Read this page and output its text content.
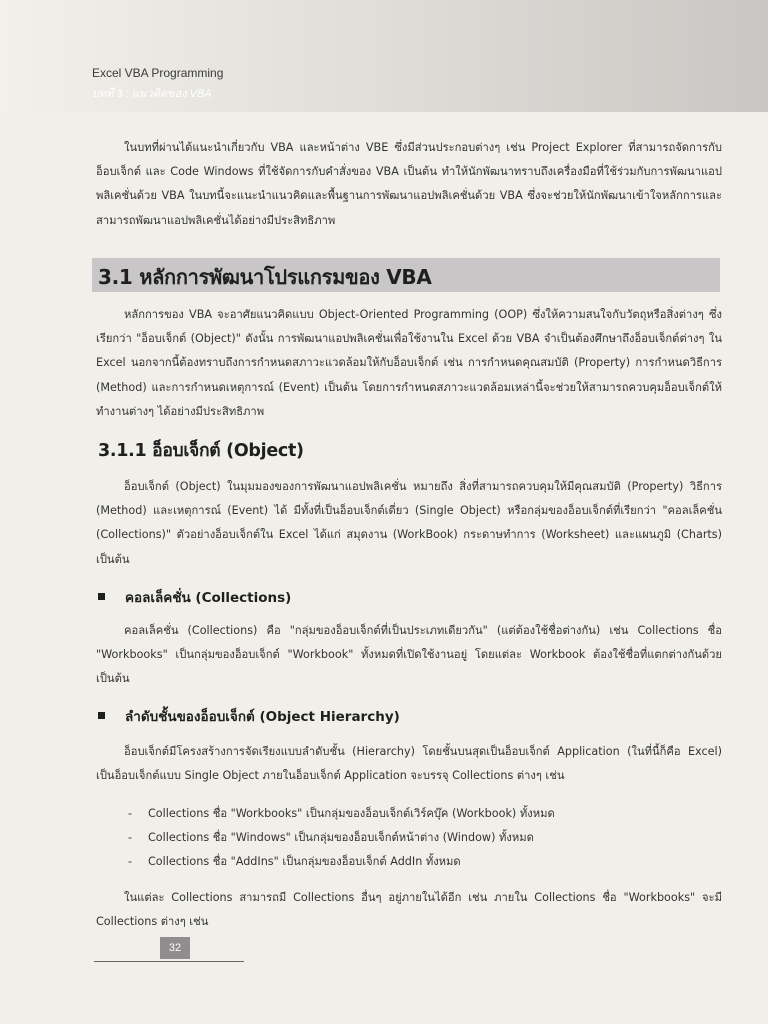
Excel VBA Programming
บทที่ 3 : แนวคิดของ VBA
ในบทที่ผ่านได้แนะนำเกี่ยวกับ VBA และหน้าต่าง VBE ซึ่งมีส่วนประกอบต่างๆ เช่น Project Explorer ที่สามารถจัดการกับอ็อบเจ็กต์ และ Code Windows ที่ใช้จัดการกับคำสั่งของ VBA เป็นต้น ทำให้นักพัฒนาทราบถึงเครื่องมือที่ใช้ร่วมกับการพัฒนาแอปพลิเคชั่นด้วย VBA ในบทนี้จะแนะนำแนวคิดและพื้นฐานการพัฒนาแอปพลิเคชั่นด้วย VBA ซึ่งจะช่วยให้นักพัฒนาเข้าใจหลักการและสามารถพัฒนาแอปพลิเคชั่นได้อย่างมีประสิทธิภาพ
3.1 หลักการพัฒนาโปรแกรมของ VBA
หลักการของ VBA จะอาศัยแนวคิดแบบ Object-Oriented Programming (OOP) ซึ่งให้ความสนใจกับวัตถุหรือสิ่งต่างๆ ซึ่งเรียกว่า "อ็อบเจ็กต์ (Object)" ดังนั้น การพัฒนาแอปพลิเคชั่นเพื่อใช้งานใน Excel ด้วย VBA จำเป็นต้องศึกษาถึงอ็อบเจ็กต์ต่างๆ ใน Excel นอกจากนี้ต้องทราบถึงการกำหนดสภาวะแวดล้อมให้กับอ็อบเจ็กต์ เช่น การกำหนดคุณสมบัติ (Property) การกำหนดวิธีการ (Method) และการกำหนดเหตุการณ์ (Event) เป็นต้น โดยการกำหนดสภาวะแวดล้อมเหล่านี้จะช่วยให้สามารถควบคุมอ็อบเจ็กต์ให้ทำงานต่างๆ ได้อย่างมีประสิทธิภาพ
3.1.1 อ็อบเจ็กต์ (Object)
อ็อบเจ็กต์ (Object) ในมุมมองของการพัฒนาแอปพลิเคชั่น หมายถึง สิ่งที่สามารถควบคุมให้มีคุณสมบัติ (Property) วิธีการ (Method) และเหตุการณ์ (Event) ได้ มีทั้งที่เป็นอ็อบเจ็กต์เดี่ยว (Single Object) หรือกลุ่มของอ็อบเจ็กต์ที่เรียกว่า "คอลเล็คชั่น (Collections)" ตัวอย่างอ็อบเจ็กต์ใน Excel ได้แก่ สมุดงาน (WorkBook) กระดาษทำการ (Worksheet) และแผนภูมิ (Charts) เป็นต้น
คอลเล็คชั่น (Collections)
คอลเล็คชั่น (Collections) คือ "กลุ่มของอ็อบเจ็กต์ที่เป็นประเภทเดียวกัน" (แต่ต้องใช้ชื่อต่างกัน) เช่น Collections ชื่อ "Workbooks" เป็นกลุ่มของอ็อบเจ็กต์ "Workbook" ทั้งหมดที่เปิดใช้งานอยู่ โดยแต่ละ Workbook ต้องใช้ชื่อที่แตกต่างกันด้วย เป็นต้น
ลำดับชั้นของอ็อบเจ็กต์ (Object Hierarchy)
อ็อบเจ็กต์มีโครงสร้างการจัดเรียงแบบลำดับชั้น (Hierarchy) โดยชั้นบนสุดเป็นอ็อบเจ็กต์ Application (ในที่นี้ก็คือ Excel) เป็นอ็อบเจ็กต์แบบ Single Object ภายในอ็อบเจ็กต์ Application จะบรรจุ Collections ต่างๆ เช่น
- Collections ชื่อ "Workbooks" เป็นกลุ่มของอ็อบเจ็กต์เวิร์คบุ๊ค (Workbook) ทั้งหมด
- Collections ชื่อ "Windows" เป็นกลุ่มของอ็อบเจ็กต์หน้าต่าง (Window) ทั้งหมด
- Collections ชื่อ "AddIns" เป็นกลุ่มของอ็อบเจ็กต์ AddIn ทั้งหมด
ในแต่ละ Collections สามารถมี Collections อื่นๆ อยู่ภายในได้อีก เช่น ภายใน Collections ชื่อ "Workbooks" จะมี Collections ต่างๆ เช่น
32
